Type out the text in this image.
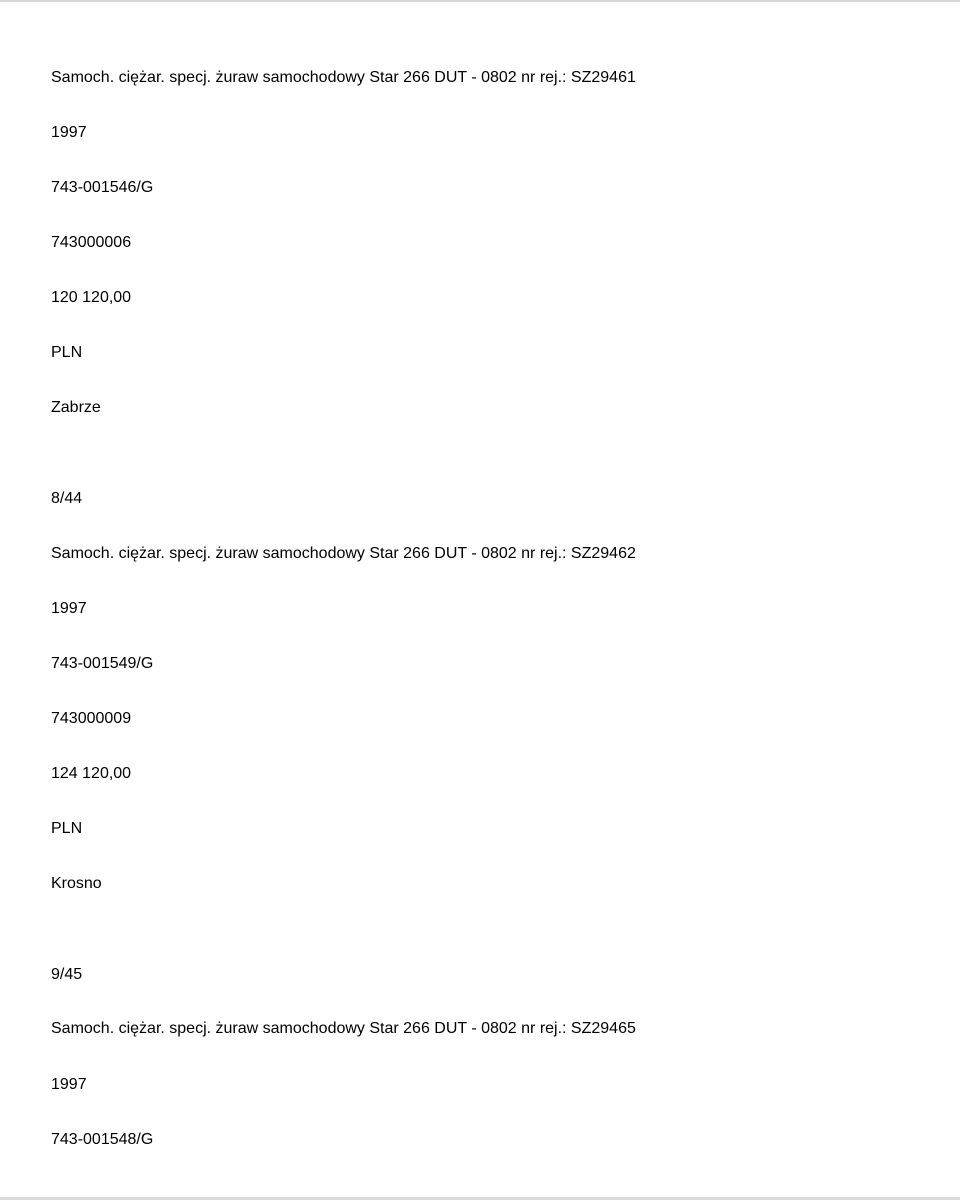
Samoch. ciężar. specj. żuraw samochodowy Star 266 DUT - 0802 nr rej.: SZ29461

1997

743-001546/G

743000006

120 120,00

PLN

Zabrze

8/44

Samoch. ciężar. specj. żuraw samochodowy Star 266 DUT - 0802 nr rej.: SZ29462

1997

743-001549/G

743000009

124 120,00

PLN

Krosno

9/45

Samoch. ciężar. specj. żuraw samochodowy Star 266 DUT - 0802 nr rej.: SZ29465

1997

743-001548/G
